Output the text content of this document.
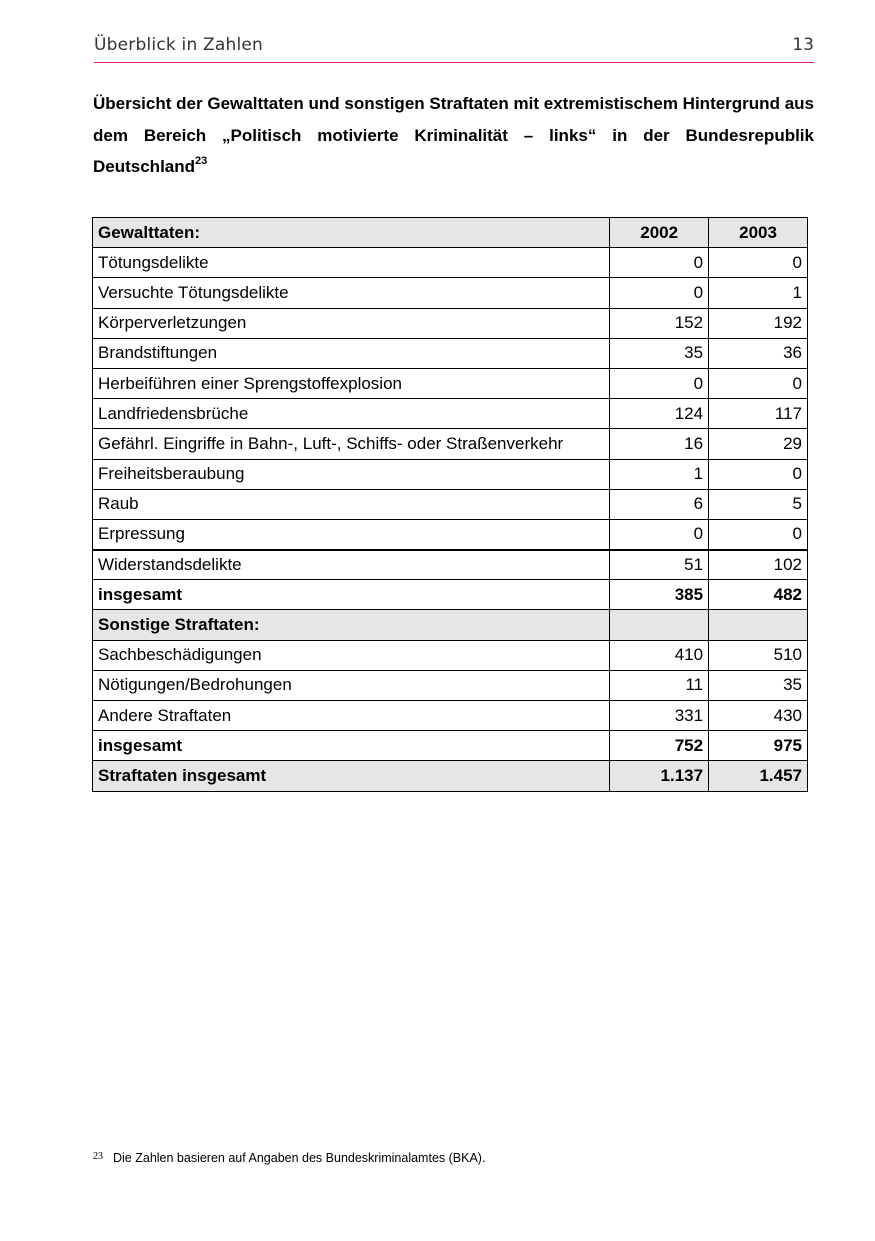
Überblick in Zahlen	13
Übersicht der Gewalttaten und sonstigen Straftaten mit extremistischem Hintergrund aus dem Bereich „Politisch motivierte Kriminalität – links“ in der Bundesrepublik Deutschland$^{23}$
Gewalttaten:	2002	2003
Tötungsdelikte	0	0
Versuchte Tötungsdelikte	0	1
Körperverletzungen	152	192
Brandstiftungen	35	36
Herbeiführen einer Sprengstoffexplosion	0	0
Landfriedensbrüche	124	117
Gefährl. Eingriffe in Bahn-, Luft-, Schiffs- oder Straßenverkehr	16	29
Freiheitsberaubung	1	0
Raub	6	5
Erpressung	0	0
Widerstandsdelikte	51	102
insgesamt	385	482
Sonstige Straftaten:		
Sachbeschädigungen	410	510
Nötigungen/Bedrohungen	11	35
Andere Straftaten	331	430
insgesamt	752	975
Straftaten insgesamt	1.137	1.457
$^{23}$ Die Zahlen basieren auf Angaben des Bundeskriminalamtes (BKA).
